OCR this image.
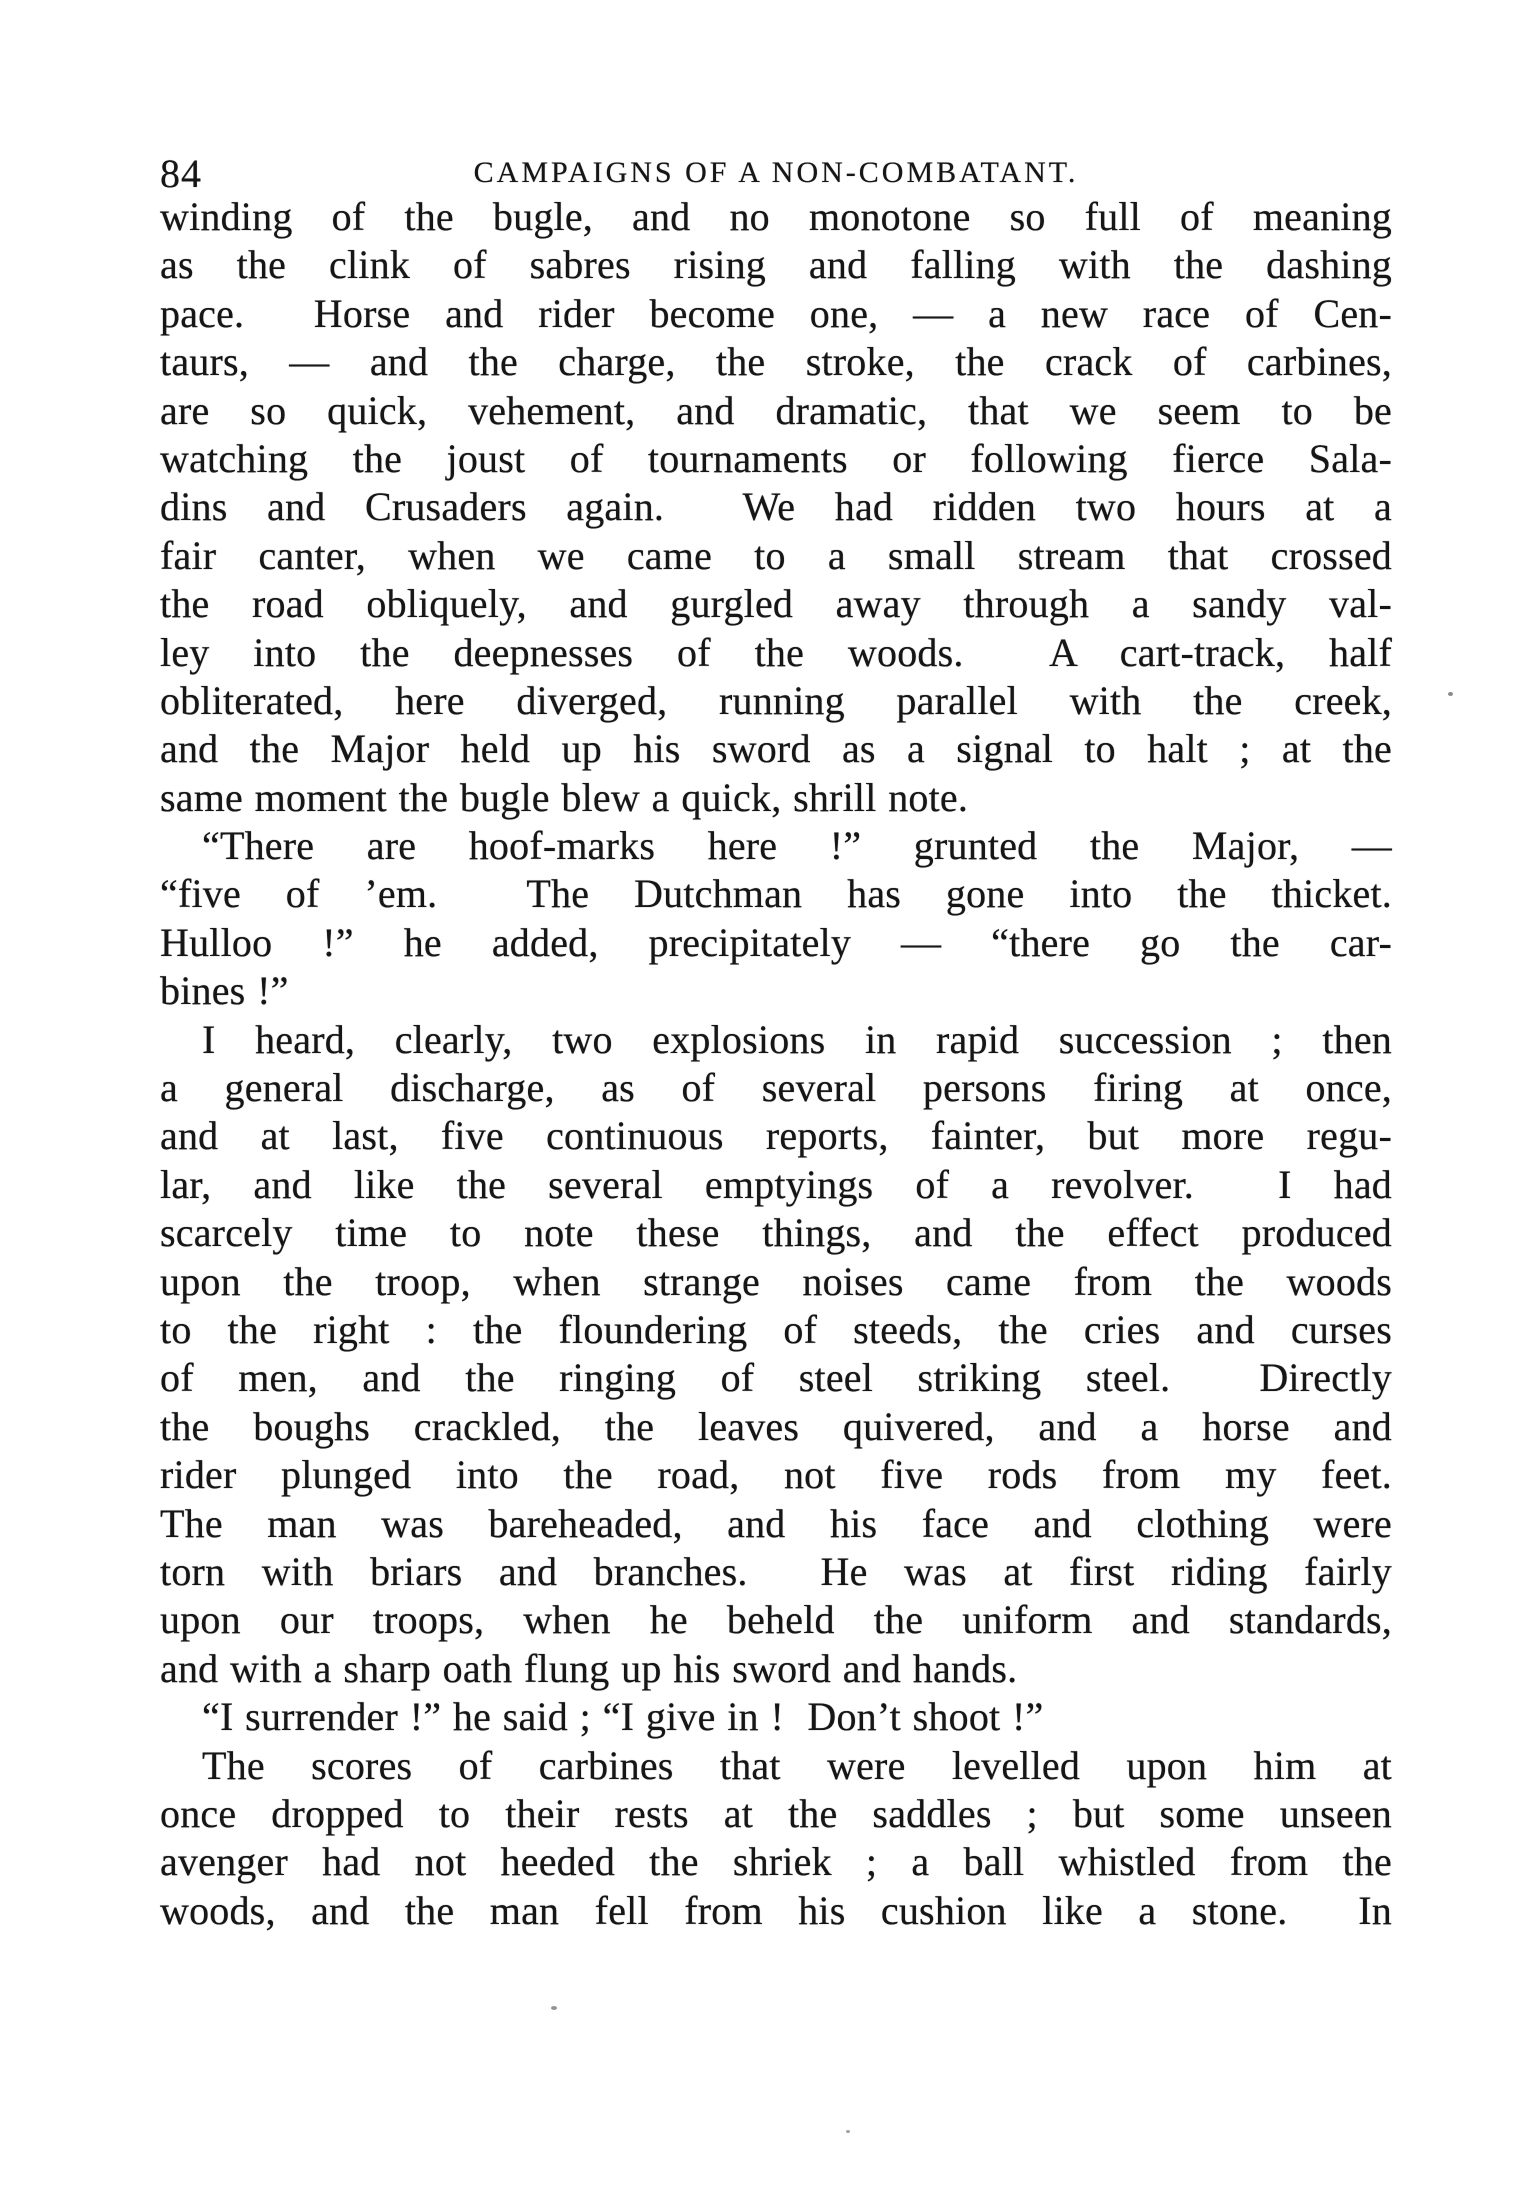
84	CAMPAIGNS OF A NON-COMBATANT.
winding of the bugle, and no monotone so full of meaning
as the clink of sabres rising and falling with the dashing
pace.  Horse and rider become one, — a new race of Cen-
taurs, — and the charge, the stroke, the crack of carbines,
are so quick, vehement, and dramatic, that we seem to be
watching the joust of tournaments or following fierce Sala-
dins and Crusaders again.  We had ridden two hours at a
fair canter, when we came to a small stream that crossed
the road obliquely, and gurgled away through a sandy val-
ley into the deepnesses of the woods.  A cart-track, half
obliterated, here diverged, running parallel with the creek,
and the Major held up his sword as a signal to halt ; at the
same moment the bugle blew a quick, shrill note.
“There are hoof-marks here !” grunted the Major, —
“five of ’em.  The Dutchman has gone into the thicket.
Hulloo !” he added, precipitately — “there go the car-
bines !”
I heard, clearly, two explosions in rapid succession ; then
a general discharge, as of several persons firing at once,
and at last, five continuous reports, fainter, but more regu-
lar, and like the several emptyings of a revolver.  I had
scarcely time to note these things, and the effect produced
upon the troop, when strange noises came from the woods
to the right : the floundering of steeds, the cries and curses
of men, and the ringing of steel striking steel.  Directly
the boughs crackled, the leaves quivered, and a horse and
rider plunged into the road, not five rods from my feet.
The man was bareheaded, and his face and clothing were
torn with briars and branches.  He was at first riding fairly
upon our troops, when he beheld the uniform and standards,
and with a sharp oath flung up his sword and hands.
“I surrender !” he said ; “I give in !  Don’t shoot !”
The scores of carbines that were levelled upon him at
once dropped to their rests at the saddles ; but some unseen
avenger had not heeded the shriek ; a ball whistled from the
woods, and the man fell from his cushion like a stone.  In
